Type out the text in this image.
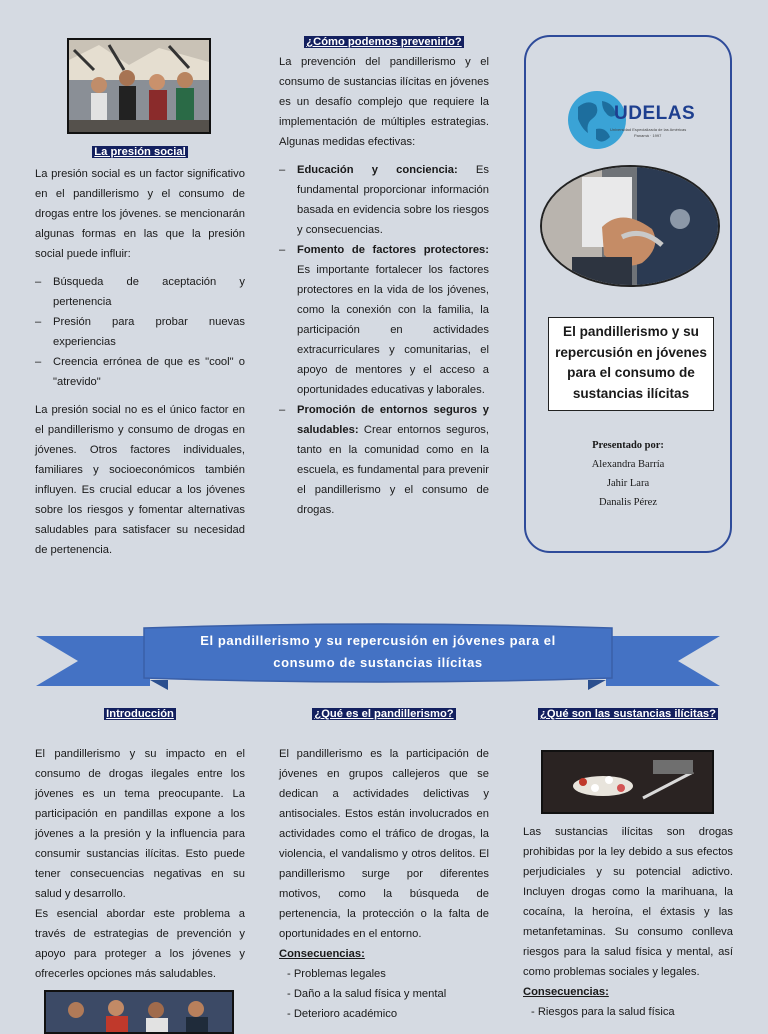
La presión social

La presión social es un factor significativo en el pandillerismo y el consumo de drogas entre los jóvenes. se mencionarán algunas formas en las que la presión social puede influir:

– Búsqueda de aceptación y pertenencia
– Presión para probar nuevas experiencias
– Creencia errónea de que es "cool" o "atrevido"

La presión social no es el único factor en el pandillerismo y consumo de drogas en jóvenes. Otros factores individuales, familiares y socioeconómicos también influyen. Es crucial educar a los jóvenes sobre los riesgos y fomentar alternativas saludables para satisfacer su necesidad de pertenencia.

¿Cómo podemos prevenirlo?

La prevención del pandillerismo y el consumo de sustancias ilícitas en jóvenes es un desafío complejo que requiere la implementación de múltiples estrategias. Algunas medidas efectivas:

– Educación y conciencia: Es fundamental proporcionar información basada en evidencia sobre los riesgos y consecuencias.
– Fomento de factores protectores: Es importante fortalecer los factores protectores en la vida de los jóvenes, como la conexión con la familia, la participación en actividades extracurriculares y comunitarias, el apoyo de mentores y el acceso a oportunidades educativas y laborales.
– Promoción de entornos seguros y saludables: Crear entornos seguros, tanto en la comunidad como en la escuela, es fundamental para prevenir el pandillerismo y el consumo de drogas.
UDELAS
Universidad Especializada de las Américas
Panamá · 1997
El pandillerismo y su repercusión en jóvenes para el consumo de sustancias ilícitas
Presentado por:
Alexandra Barría
Jahir Lara
Danalis Pérez
El pandillerismo y su repercusión en jóvenes para el
consumo de sustancias ilícitas
Introducción

El pandillerismo y su impacto en el consumo de drogas ilegales entre los jóvenes es un tema preocupante. La participación en pandillas expone a los jóvenes a la presión y la influencia para consumir sustancias ilícitas. Esto puede tener consecuencias negativas en su salud y desarrollo.

Es esencial abordar este problema a través de estrategias de prevención y apoyo para proteger a los jóvenes y ofrecerles opciones más saludables.

¿Qué es el pandillerismo?

El pandillerismo es la participación de jóvenes en grupos callejeros que se dedican a actividades delictivas y antisociales. Estos están involucrados en actividades como el tráfico de drogas, la violencia, el vandalismo y otros delitos. El pandillerismo surge por diferentes motivos, como la búsqueda de pertenencia, la protección o la falta de oportunidades en el entorno.

Consecuencias:
- Problemas legales
- Daño a la salud física y mental
- Deterioro académico
¿Qué son las sustancias ilícitas?

Las sustancias ilícitas son drogas prohibidas por la ley debido a sus efectos perjudiciales y su potencial adictivo. Incluyen drogas como la marihuana, la cocaína, la heroína, el éxtasis y las metanfetaminas. Su consumo conlleva riesgos para la salud física y mental, así como problemas sociales y legales.

Consecuencias:
- Riesgos para la salud física
